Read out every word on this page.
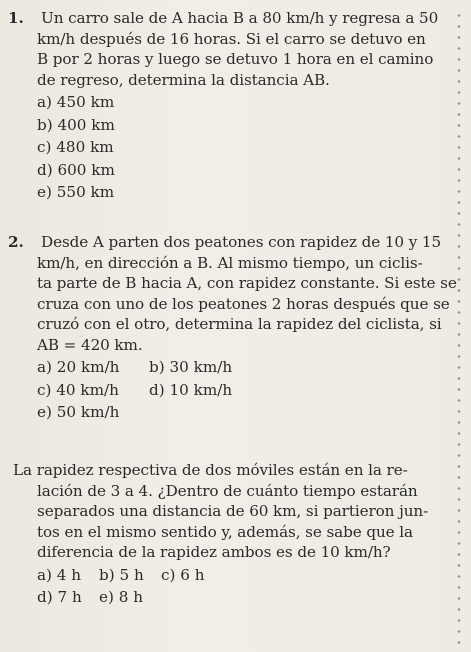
1. Un carro sale de A hacia B a 80 km/h y regresa a 50
km/h después de 16 horas. Si el carro se detuvo en
B por 2 horas y luego se detuvo 1 hora en el camino
de regreso, determina la distancia AB.

a) 450 km
b) 400 km
c) 480 km
d) 600 km
e) 550 km

2. Desde A parten dos peatones con rapidez de 10 y 15
km/h, en dirección a B. Al mismo tiempo, un ciclis-
ta parte de B hacia A, con rapidez constante. Si este se
cruza con uno de los peatones 2 horas después que se
cruzó con el otro, determina la rapidez del ciclista, si
AB = 420 km.

a) 20 km/h	b) 30 km/h
c) 40 km/h	d) 10 km/h
e) 50 km/h

La rapidez respectiva de dos móviles están en la re-
lación de 3 a 4. ¿Dentro de cuánto tiempo estarán
separados una distancia de 60 km, si partieron jun-
tos en el mismo sentido y, además, se sabe que la
diferencia de la rapidez ambos es de 10 km/h?

a) 4 h	b) 5 h	c) 6 h
d) 7 h	e) 8 h
